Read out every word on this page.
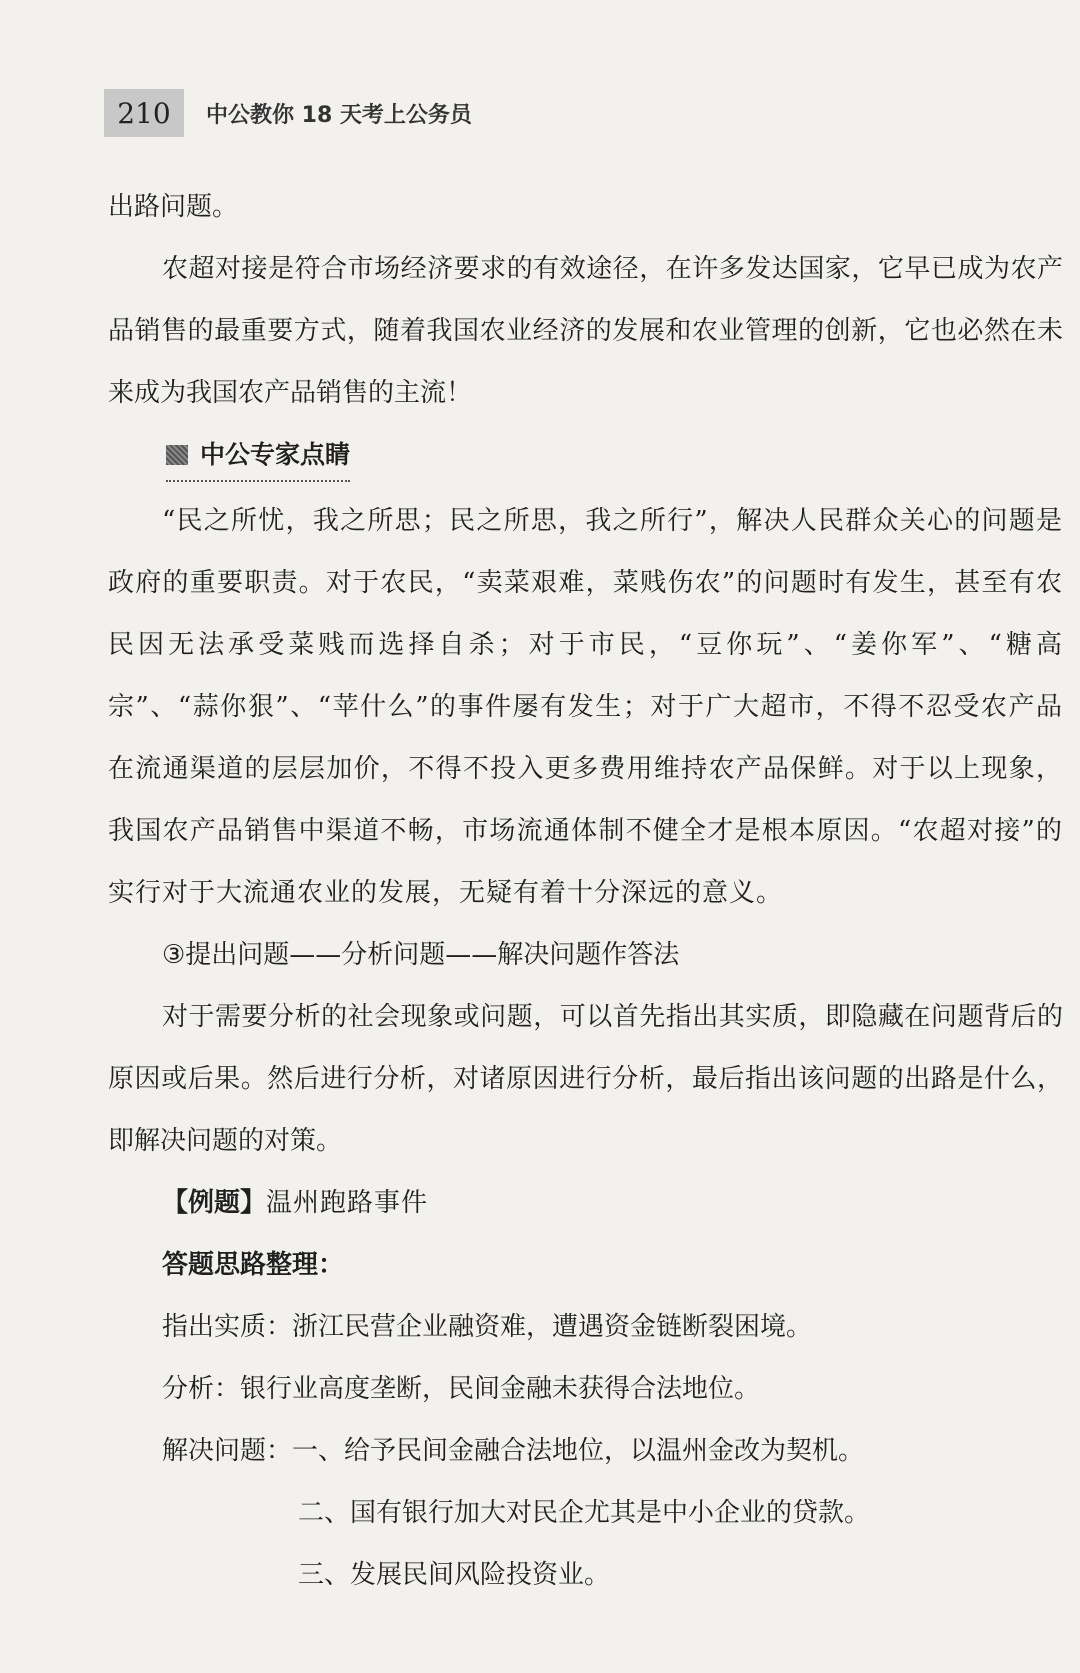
210	中公教你 18 天考上公务员

出路问题。

农超对接是符合市场经济要求的有效途径，在许多发达国家，它早已成为农产品销售的最重要方式，随着我国农业经济的发展和农业管理的创新，它也必然在未来成为我国农产品销售的主流！

中公专家点睛

“民之所忧，我之所思；民之所思，我之所行”，解决人民群众关心的问题是政府的重要职责。对于农民，“卖菜艰难，菜贱伤农”的问题时有发生，甚至有农民因无法承受菜贱而选择自杀；对于市民，“豆你玩”、“姜你军”、“糖高宗”、“蒜你狠”、“苹什么”的事件屡有发生；对于广大超市，不得不忍受农产品在流通渠道的层层加价，不得不投入更多费用维持农产品保鲜。对于以上现象，我国农产品销售中渠道不畅，市场流通体制不健全才是根本原因。“农超对接”的实行对于大流通农业的发展，无疑有着十分深远的意义。

③提出问题——分析问题——解决问题作答法

对于需要分析的社会现象或问题，可以首先指出其实质，即隐藏在问题背后的原因或后果。然后进行分析，对诸原因进行分析，最后指出该问题的出路是什么，即解决问题的对策。

【例题】温州跑路事件

答题思路整理：

指出实质：浙江民营企业融资难，遭遇资金链断裂困境。

分析：银行业高度垄断，民间金融未获得合法地位。

解决问题：一、给予民间金融合法地位，以温州金改为契机。

二、国有银行加大对民企尤其是中小企业的贷款。

三、发展民间风险投资业。
